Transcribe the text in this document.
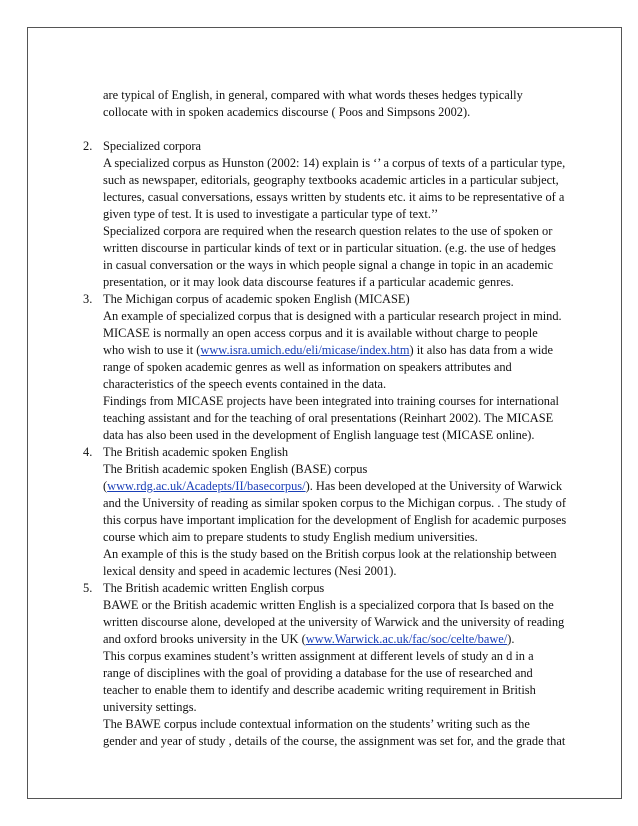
are typical of English, in general, compared with what words theses hedges typically

collocate with in spoken academics discourse ( Poos and Simpsons 2002).

2. Specialized corpora
A specialized corpus as Hunston (2002: 14) explain is ‘’ a corpus of texts of a particular type,
such as newspaper, editorials, geography textbooks academic articles in a particular subject,
lectures, casual conversations, essays written by students etc. it aims to be representative of a
given type of test. It is used to investigate a particular type of text.’’
Specialized corpora are required when the research question relates to the use of spoken or
written discourse in particular kinds of text or in particular situation. (e.g. the use of hedges
in casual conversation or the ways in which people signal a change in topic in an academic
presentation, or it may look data discourse features if a particular academic genres.
3. The Michigan corpus of academic spoken English (MICASE)
An example of specialized corpus that is designed with a particular research project in mind.
MICASE is normally an open access corpus and it is available without charge to people
who wish to use it (www.isra.umich.edu/eli/micase/index.htm) it also has data from a wide
range of spoken academic genres as well as information on speakers attributes and
characteristics of the speech events contained in the data.
Findings from MICASE projects have been integrated into training courses for international
teaching assistant and for the teaching of oral presentations (Reinhart 2002). The MICASE
data has also been used in the development of English language test (MICASE online).
4. The British academic spoken English
The British academic spoken English (BASE) corpus
(www.rdg.ac.uk/Acadepts/II/basecorpus/). Has been developed at the University of Warwick
and the University of reading as similar spoken corpus to the Michigan corpus. . The study of
this corpus have important implication for the development of English for academic purposes
course which aim to prepare students to study English medium universities.
An example of this is the study based on the British corpus look at the relationship between
lexical density and speed in academic lectures (Nesi 2001).
5. The British academic written English corpus
BAWE or the British academic written English is a specialized corpora that Is based on the
written discourse alone, developed at the university of Warwick and the university of reading
and oxford brooks university in the UK (www.Warwick.ac.uk/fac/soc/celte/bawe/).
This corpus examines student’s written assignment at different levels of study an d in a
range of disciplines with the goal of providing a database for the use of researched and
teacher to enable them to identify and describe academic writing requirement in British
university settings.
The BAWE corpus include contextual information on the students’ writing such as the
gender and year of study , details of the course, the assignment was set for, and the grade that
